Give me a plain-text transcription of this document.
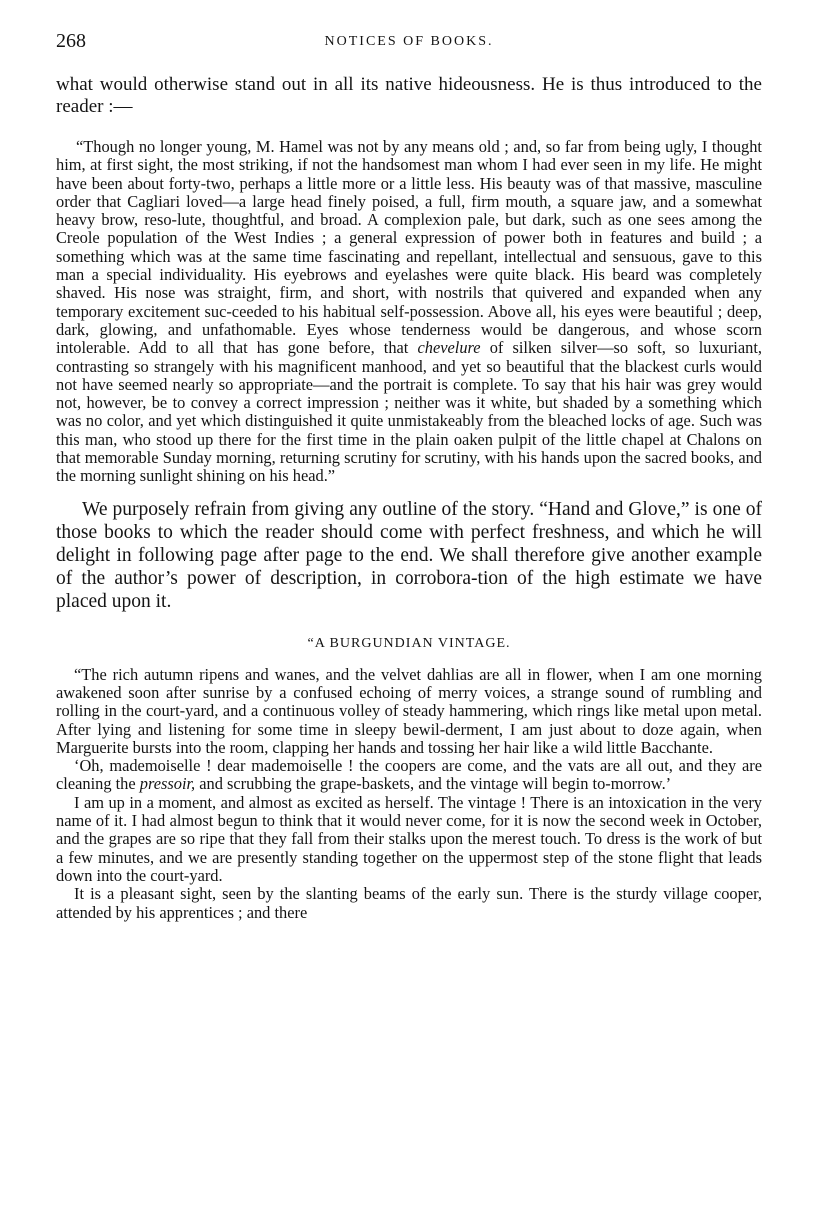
268	NOTICES OF BOOKS.

what would otherwise stand out in all its native hideousness. He is thus introduced to the reader :—

“Though no longer young, M. Hamel was not by any means old ; and, so far from being ugly, I thought him, at first sight, the most striking, if not the handsomest man whom I had ever seen in my life. He might have been about forty-two, perhaps a little more or a little less. His beauty was of that massive, masculine order that Cagliari loved—a large head finely poised, a full, firm mouth, a square jaw, and a somewhat heavy brow, reso-lute, thoughtful, and broad. A complexion pale, but dark, such as one sees among the Creole population of the West Indies ; a general expression of power both in features and build ; a something which was at the same time fascinating and repellant, intellectual and sensuous, gave to this man a special individuality. His eyebrows and eyelashes were quite black. His beard was completely shaved. His nose was straight, firm, and short, with nostrils that quivered and expanded when any temporary excitement suc-ceeded to his habitual self-possession. Above all, his eyes were beautiful ; deep, dark, glowing, and unfathomable. Eyes whose tenderness would be dangerous, and whose scorn intolerable. Add to all that has gone before, that chevelure of silken silver—so soft, so luxuriant, contrasting so strangely with his magnificent manhood, and yet so beautiful that the blackest curls would not have seemed nearly so appropriate—and the portrait is complete. To say that his hair was grey would not, however, be to convey a correct impression ; neither was it white, but shaded by a something which was no color, and yet which distinguished it quite unmistakeably from the bleached locks of age. Such was this man, who stood up there for the first time in the plain oaken pulpit of the little chapel at Chalons on that memorable Sunday morning, returning scrutiny for scrutiny, with his hands upon the sacred books, and the morning sunlight shining on his head.”

We purposely refrain from giving any outline of the story. “Hand and Glove,” is one of those books to which the reader should come with perfect freshness, and which he will delight in following page after page to the end. We shall therefore give another example of the author’s power of description, in corrobora-tion of the high estimate we have placed upon it.

“A BURGUNDIAN VINTAGE.

“The rich autumn ripens and wanes, and the velvet dahlias are all in flower, when I am one morning awakened soon after sunrise by a confused echoing of merry voices, a strange sound of rumbling and rolling in the court-yard, and a continuous volley of steady hammering, which rings like metal upon metal. After lying and listening for some time in sleepy bewil-derment, I am just about to doze again, when Marguerite bursts into the room, clapping her hands and tossing her hair like a wild little Bacchante.

‘Oh, mademoiselle ! dear mademoiselle ! the coopers are come, and the vats are all out, and they are cleaning the pressoir, and scrubbing the grape-baskets, and the vintage will begin to-morrow.’

I am up in a moment, and almost as excited as herself. The vintage ! There is an intoxication in the very name of it. I had almost begun to think that it would never come, for it is now the second week in October, and the grapes are so ripe that they fall from their stalks upon the merest touch. To dress is the work of but a few minutes, and we are presently standing together on the uppermost step of the stone flight that leads down into the court-yard.

It is a pleasant sight, seen by the slanting beams of the early sun. There is the sturdy village cooper, attended by his apprentices ; and there
